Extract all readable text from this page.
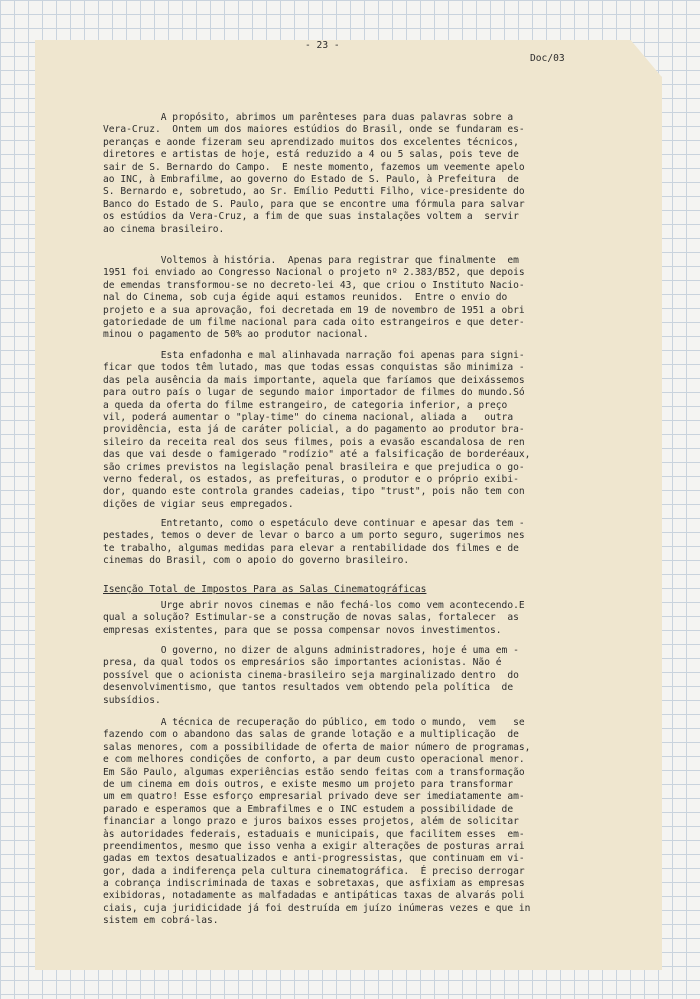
- 23 -
Doc/03
A propósito, abrimos um parênteses para duas palavras sobre a
Vera-Cruz.  Ontem um dos maiores estúdios do Brasil, onde se fundaram es-
peranças e aonde fizeram seu aprendizado muitos dos excelentes técnicos,
diretores e artistas de hoje, está reduzido a 4 ou 5 salas, pois teve de
sair de S. Bernardo do Campo.  E neste momento, fazemos um veemente apelo
ao INC, à Embrafilme, ao governo do Estado de S. Paulo, à Prefeitura  de
S. Bernardo e, sobretudo, ao Sr. Emílio Pedutti Filho, vice-presidente do
Banco do Estado de S. Paulo, para que se encontre uma fórmula para salvar
os estúdios da Vera-Cruz, a fim de que suas instalações voltem a  servir
ao cinema brasileiro.
Voltemos à história.  Apenas para registrar que finalmente  em
1951 foi enviado ao Congresso Nacional o projeto nº 2.383/B52, que depois
de emendas transformou-se no decreto-lei 43, que criou o Instituto Nacio-
nal do Cinema, sob cuja égide aqui estamos reunidos.  Entre o envio do
projeto e a sua aprovação, foi decretada em 19 de novembro de 1951 a obri
gatoriedade de um filme nacional para cada oito estrangeiros e que deter-
minou o pagamento de 50% ao produtor nacional.
Esta enfadonha e mal alinhavada narração foi apenas para signi-
ficar que todos têm lutado, mas que todas essas conquistas são minimiza -
das pela ausência da mais importante, aquela que faríamos que deixássemos
para outro país o lugar de segundo maior importador de filmes do mundo.Só
a queda da oferta do filme estrangeiro, de categoria inferior, a preço
vil, poderá aumentar o "play-time" do cinema nacional, aliada a   outra
providência, esta já de caráter policial, a do pagamento ao produtor bra-
sileiro da receita real dos seus filmes, pois a evasão escandalosa de ren
das que vai desde o famigerado "rodízio" até a falsificação de borderéaux,
são crimes previstos na legislação penal brasileira e que prejudica o go-
verno federal, os estados, as prefeituras, o produtor e o próprio exibi-
dor, quando este controla grandes cadeias, tipo "trust", pois não tem con
dições de vigiar seus empregados.
Entretanto, como o espetáculo deve continuar e apesar das tem -
pestades, temos o dever de levar o barco a um porto seguro, sugerimos nes
te trabalho, algumas medidas para elevar a rentabilidade dos filmes e de
cinemas do Brasil, com o apoio do governo brasileiro.
Isenção Total de Impostos Para as Salas Cinematográficas
Urge abrir novos cinemas e não fechá-los como vem acontecendo.E
qual a solução? Estimular-se a construção de novas salas, fortalecer  as
empresas existentes, para que se possa compensar novos investimentos.
O governo, no dizer de alguns administradores, hoje é uma em -
presa, da qual todos os empresários são importantes acionistas. Não é
possível que o acionista cinema-brasileiro seja marginalizado dentro  do
desenvolvimentismo, que tantos resultados vem obtendo pela política  de
subsídios.
A técnica de recuperação do público, em todo o mundo,  vem   se
fazendo com o abandono das salas de grande lotação e a multiplicação  de
salas menores, com a possibilidade de oferta de maior número de programas,
e com melhores condições de conforto, a par deum custo operacional menor.
Em São Paulo, algumas experiências estão sendo feitas com a transformação
de um cinema em dois outros, e existe mesmo um projeto para transformar
um em quatro! Esse esforço empresarial privado deve ser imediatamente am-
parado e esperamos que a Embrafilmes e o INC estudem a possibilidade de
financiar a longo prazo e juros baixos esses projetos, além de solicitar
às autoridades federais, estaduais e municipais, que facilitem esses  em-
preendimentos, mesmo que isso venha a exigir alterações de posturas arrai
gadas em textos desatualizados e anti-progressistas, que continuam em vi-
gor, dada a indiferença pela cultura cinematográfica.  É preciso derrogar
a cobrança indiscriminada de taxas e sobretaxas, que asfixiam as empresas
exibidoras, notadamente as malfadadas e antipáticas taxas de alvarás poli
ciais, cuja juridicidade já foi destruída em juízo inúmeras vezes e que in
sistem em cobrá-las.
